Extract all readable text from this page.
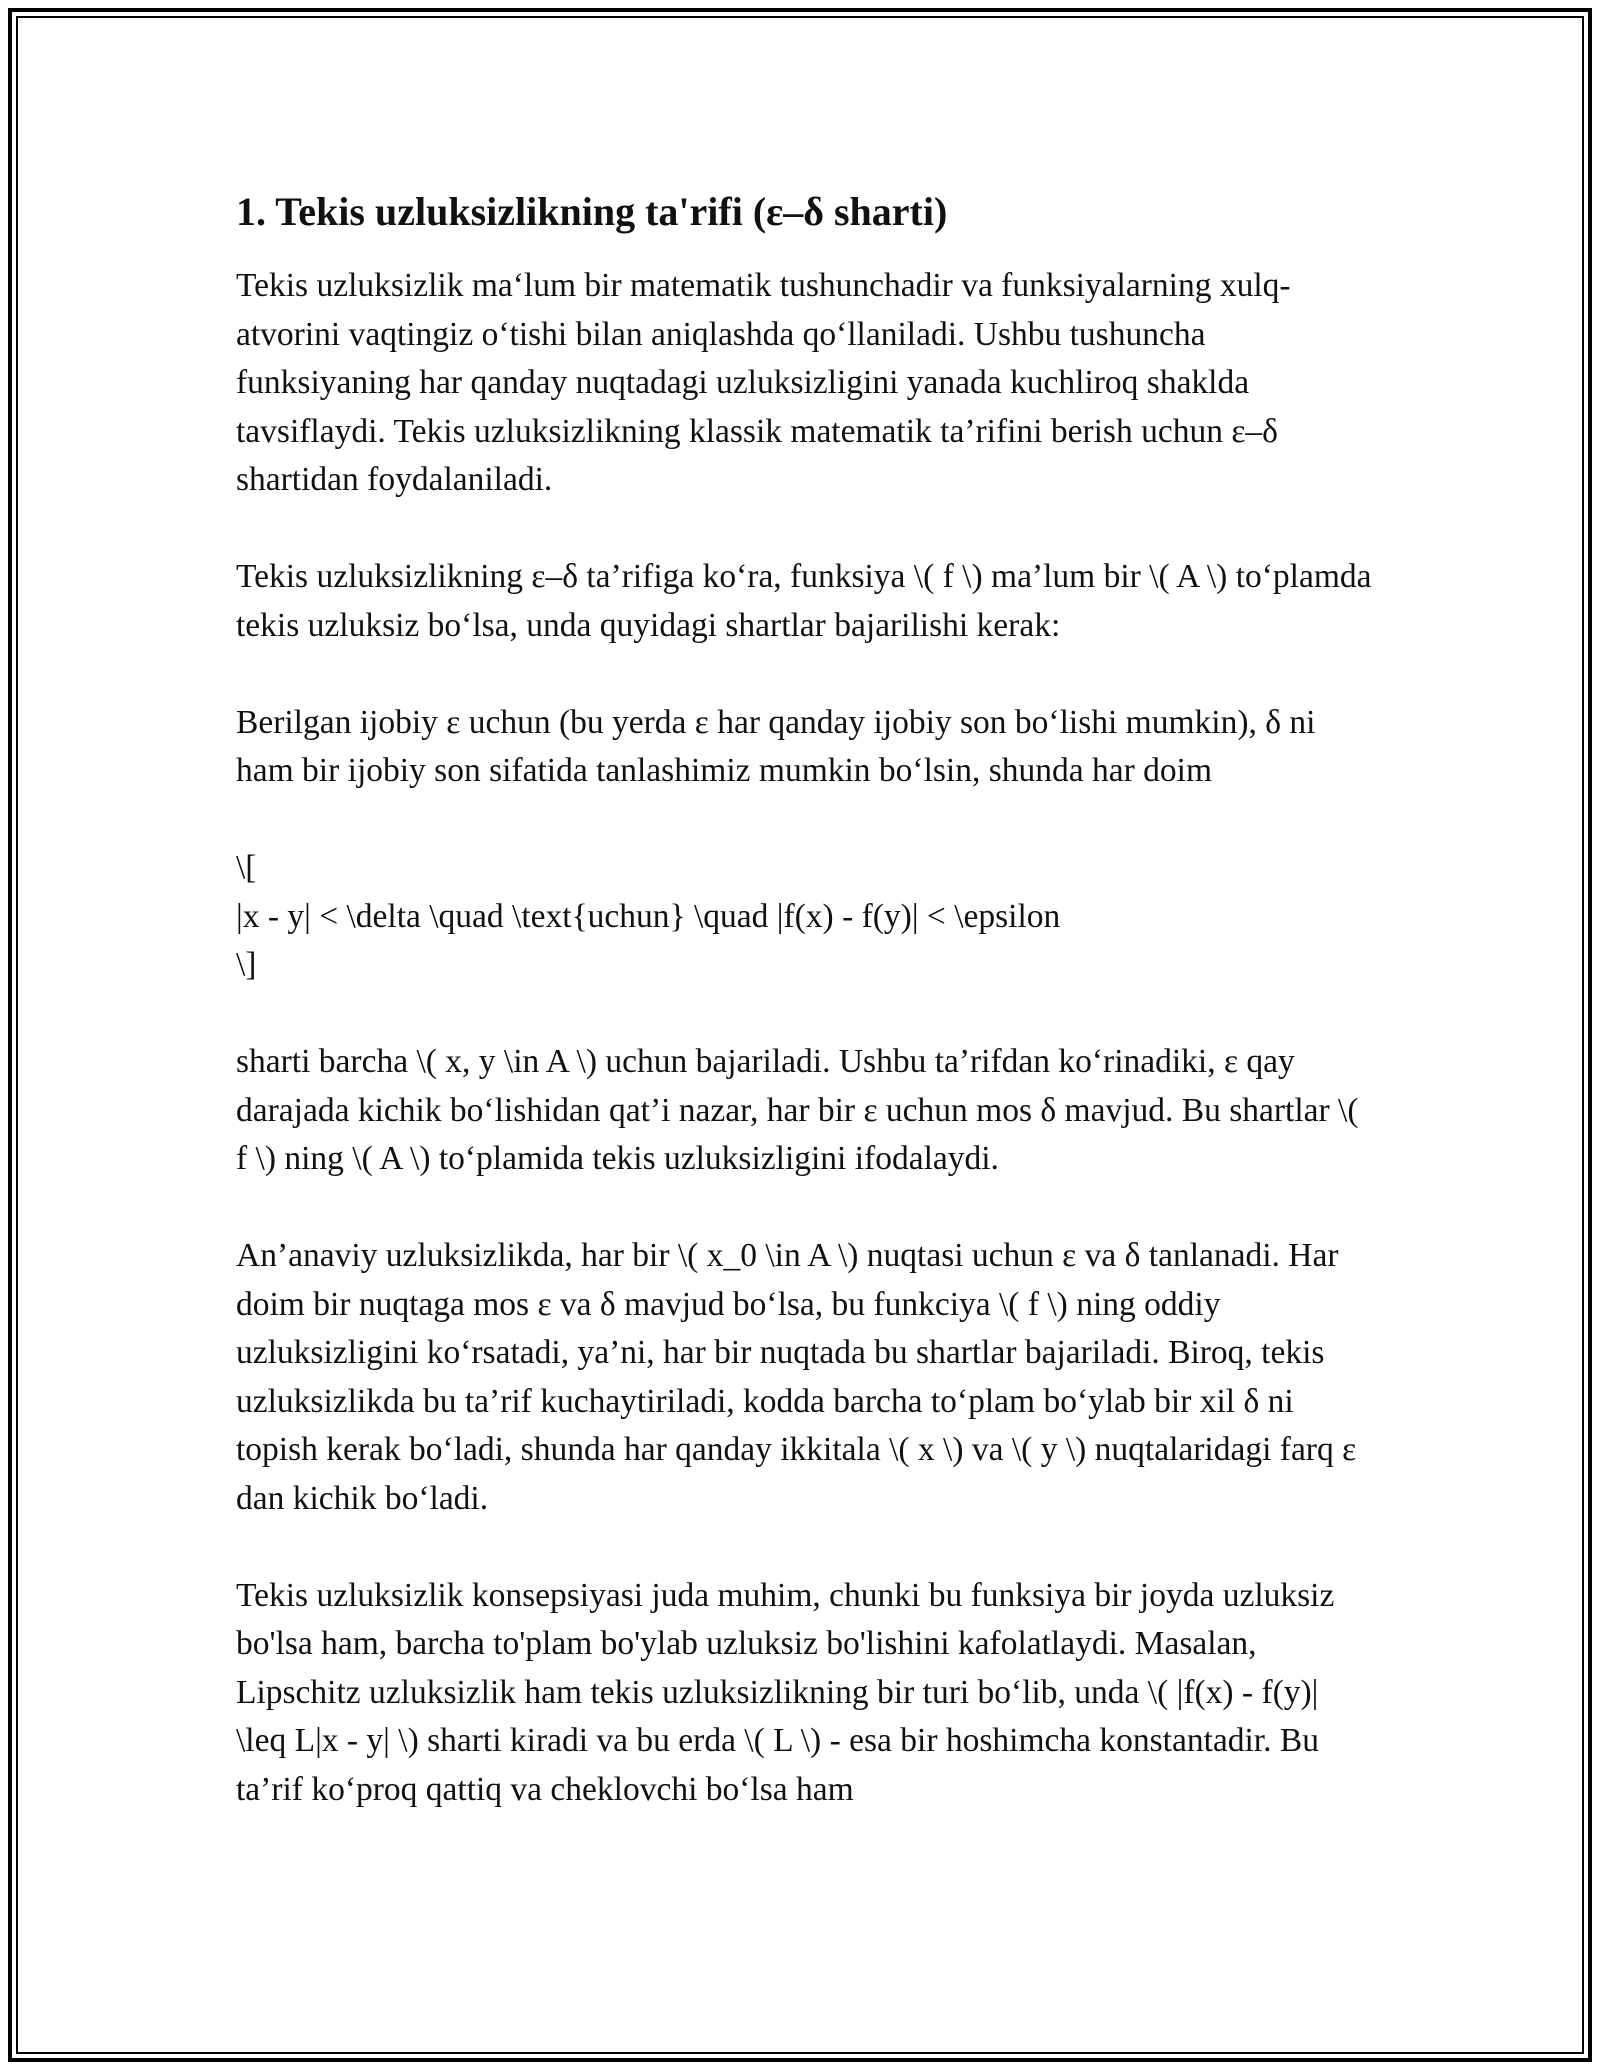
1. Tekis uzluksizlikning ta'rifi (ε–δ sharti)

Tekis uzluksizlik maʻlum bir matematik tushunchadir va funksiyalarning xulq-atvorini vaqtingiz oʻtishi bilan aniqlashda qoʻllaniladi. Ushbu tushuncha funksiyaning har qanday nuqtadagi uzluksizligini yanada kuchliroq shaklda tavsiflaydi. Tekis uzluksizlikning klassik matematik ta’rifini berish uchun ε–δ shartidan foydalaniladi.

Tekis uzluksizlikning ε–δ ta’rifiga koʻra, funksiya \( f \) ma’lum bir \( A \) toʻplamda tekis uzluksiz boʻlsa, unda quyidagi shartlar bajarilishi kerak:

Berilgan ijobiy ε uchun (bu yerda ε har qanday ijobiy son boʻlishi mumkin), δ ni ham bir ijobiy son sifatida tanlashimiz mumkin boʻlsin, shunda har doim

\[
|x - y| < \delta \quad \text{uchun} \quad |f(x) - f(y)| < \epsilon
\]

sharti barcha \( x, y \in A \) uchun bajariladi. Ushbu ta’rifdan koʻrinadiki, ε qay darajada kichik boʻlishidan qat’i nazar, har bir ε uchun mos δ mavjud. Bu shartlar \( f \) ning \( A \) toʻplamida tekis uzluksizligini ifodalaydi.

An’anaviy uzluksizlikda, har bir \( x_0 \in A \) nuqtasi uchun ε va δ tanlanadi. Har doim bir nuqtaga mos ε va δ mavjud boʻlsa, bu funkciya \( f \) ning oddiy uzluksizligini koʻrsatadi, ya’ni, har bir nuqtada bu shartlar bajariladi. Biroq, tekis uzluksizlikda bu ta’rif kuchaytiriladi, kodda barcha toʻplam boʻylab bir xil δ ni topish kerak boʻladi, shunda har qanday ikkitala \( x \) va \( y \) nuqtalaridagi farq ε dan kichik boʻladi.

Tekis uzluksizlik konsepsiyasi juda muhim, chunki bu funksiya bir joyda uzluksiz bo'lsa ham, barcha to'plam bo'ylab uzluksiz bo'lishini kafolatlaydi. Masalan, Lipschitz uzluksizlik ham tekis uzluksizlikning bir turi boʻlib, unda \( |f(x) - f(y)| \leq L|x - y| \) sharti kiradi va bu erda \( L \) - esa bir hoshimcha konstantadir. Bu ta’rif koʻproq qattiq va cheklovchi boʻlsa ham
